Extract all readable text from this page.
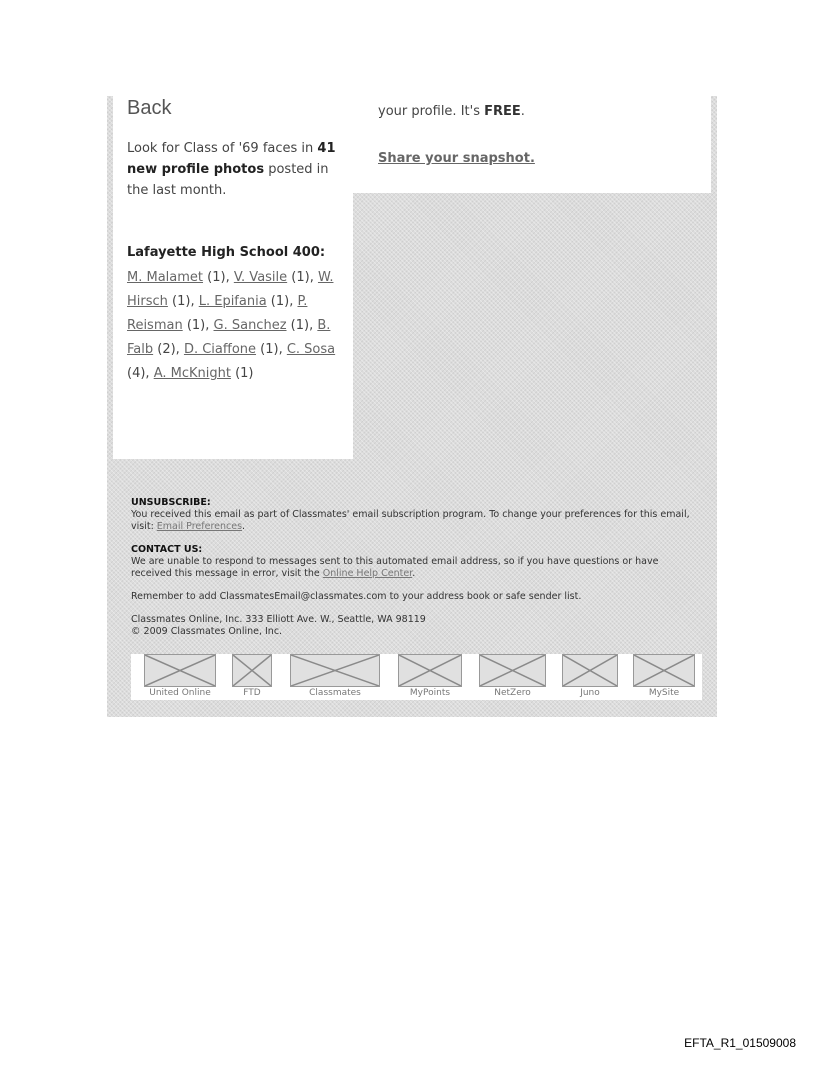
Back
Look for Class of '69 faces in 41 new profile photos posted in the last month.
Lafayette High School 400:
M. Malamet (1), V. Vasile (1), W. Hirsch (1), L. Epifania (1), P. Reisman (1), G. Sanchez (1), B. Falb (2), D. Ciaffone (1), C. Sosa (4), A. McKnight (1)
your profile. It's FREE.
Share your snapshot.

UNSUBSCRIBE:
You received this email as part of Classmates' email subscription program. To change your preferences for this email, visit: Email Preferences.

CONTACT US:
We are unable to respond to messages sent to this automated email address, so if you have questions or have received this message in error, visit the Online Help Center.

Remember to add ClassmatesEmail@classmates.com to your address book or safe sender list.

Classmates Online, Inc. 333 Elliott Ave. W., Seattle, WA 98119
© 2009 Classmates Online, Inc.

United Online	FTD	Classmates	MyPoints	NetZero	Juno	MySite
EFTA_R1_01509008
